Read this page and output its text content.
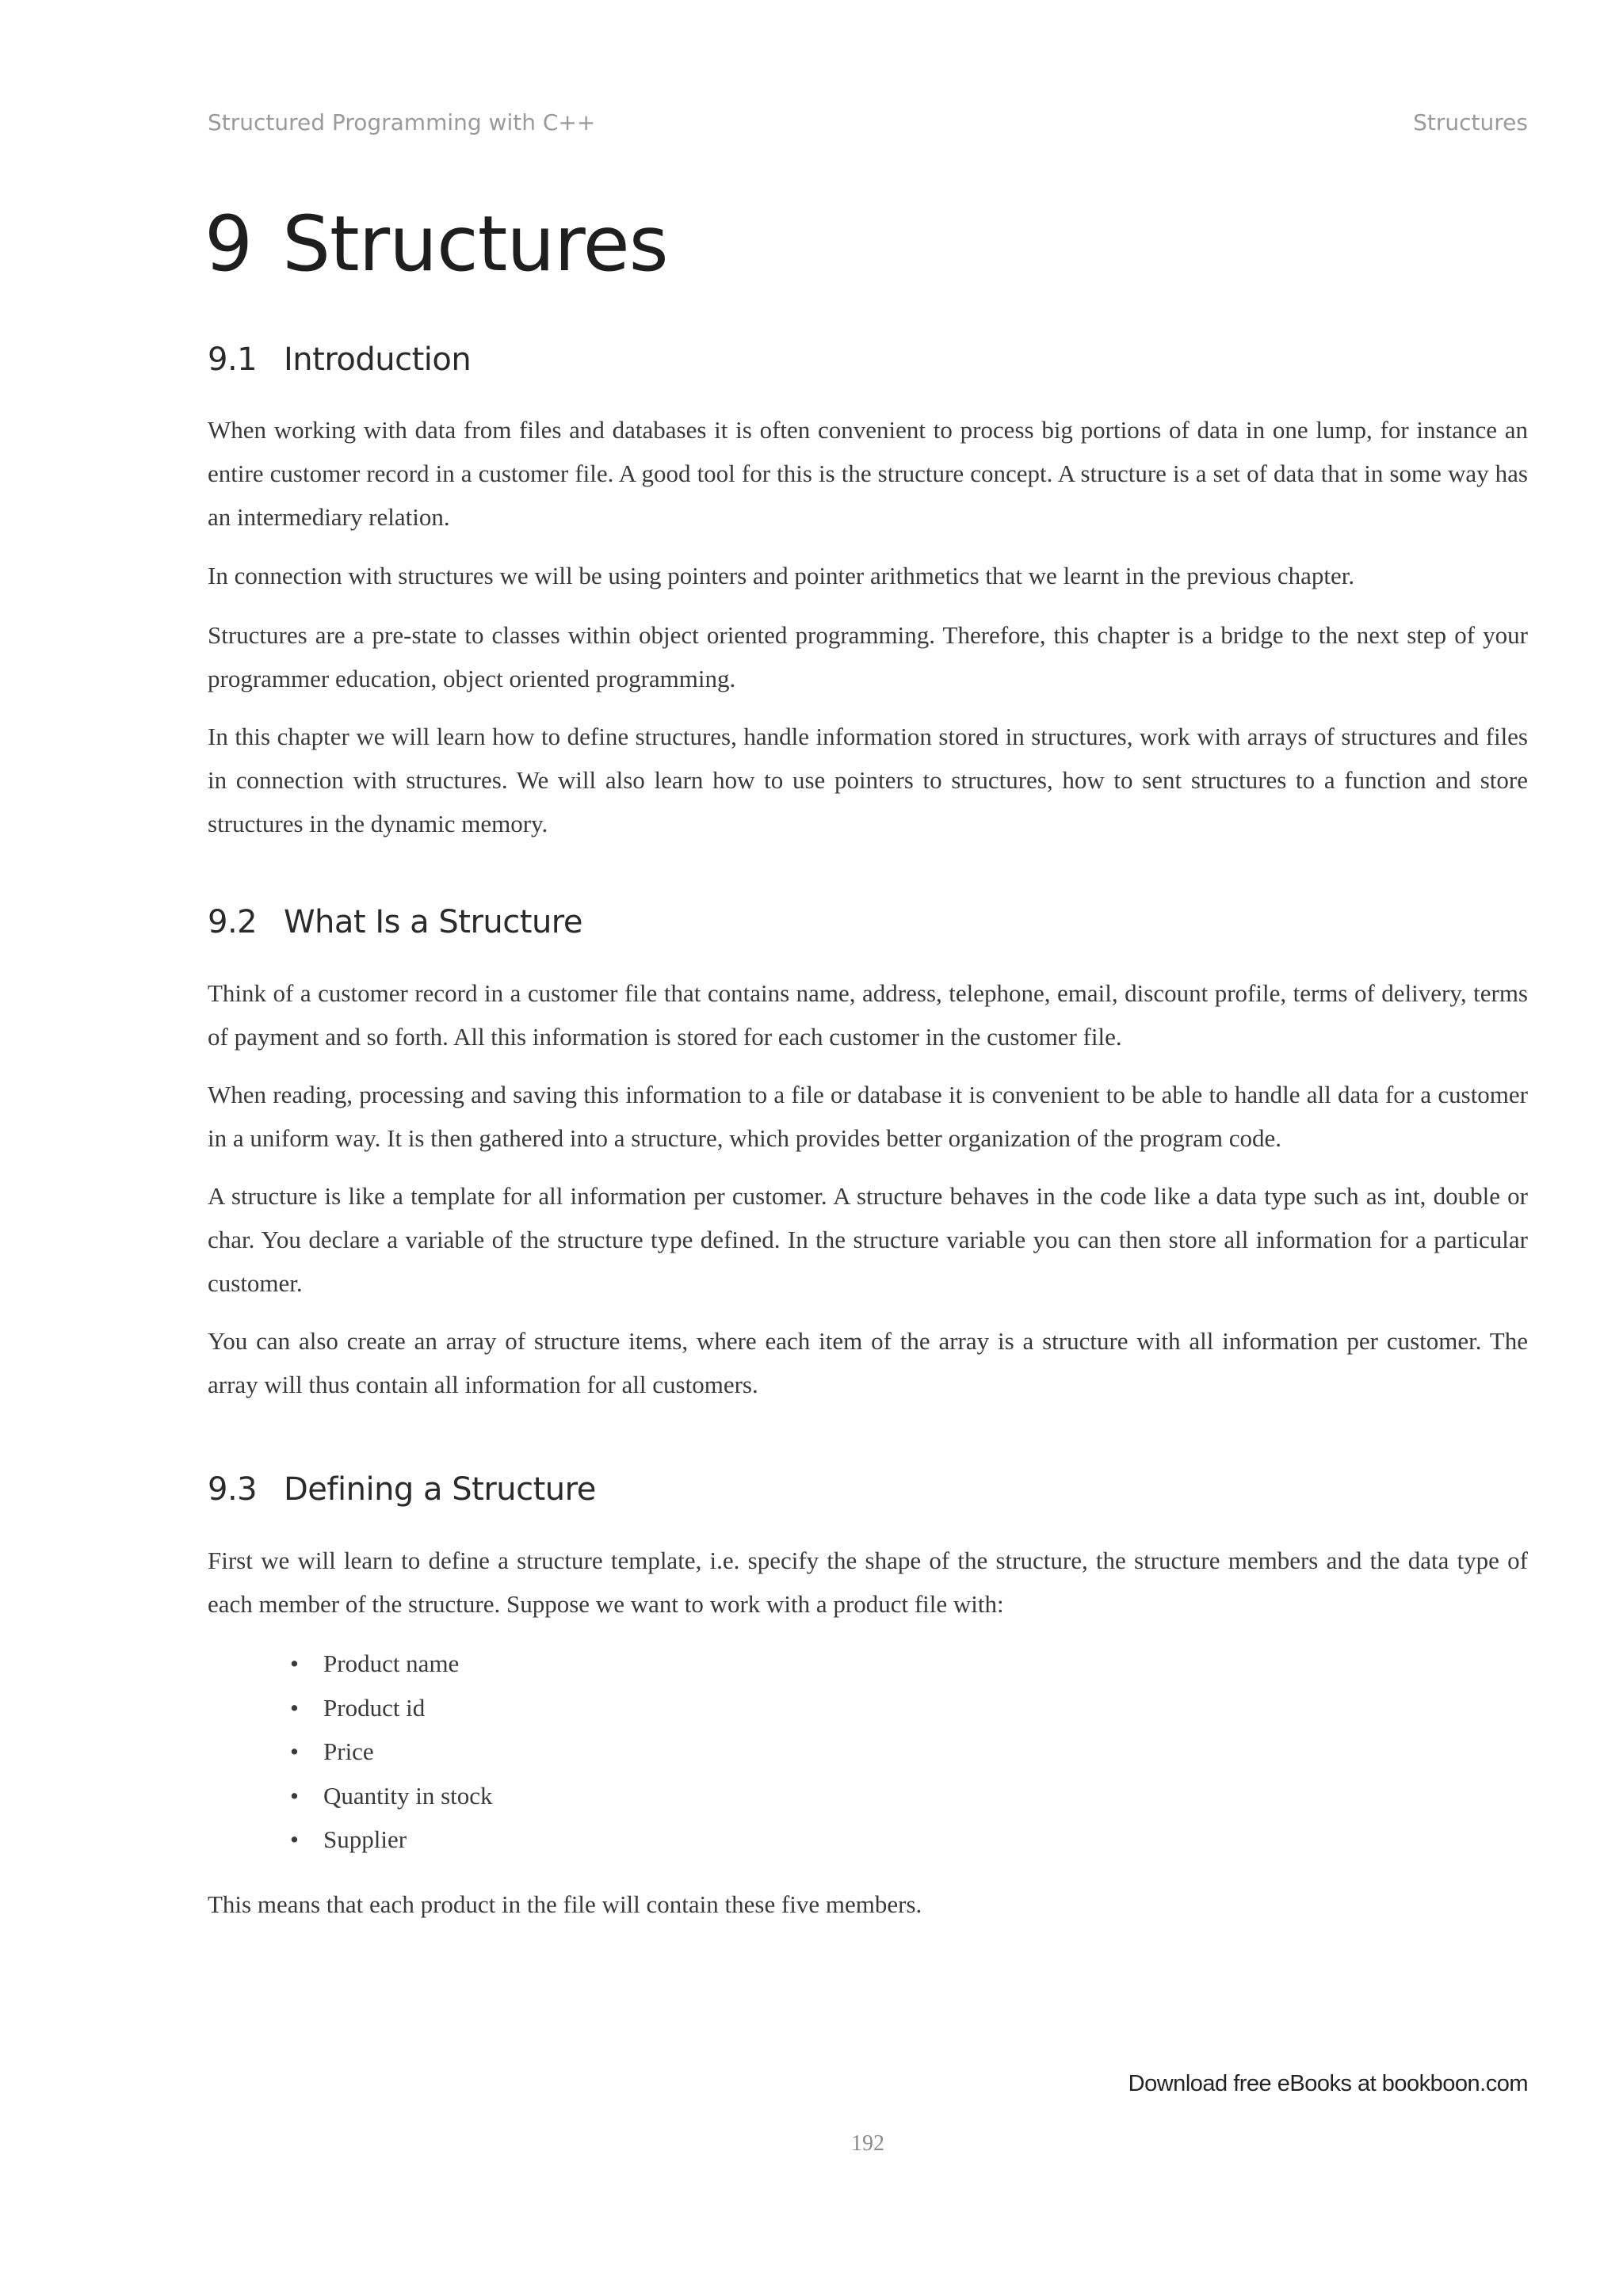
Structured Programming with C++	Structures
9 Structures
9.1 Introduction

When working with data from files and databases it is often convenient to process big portions of data in one lump, for instance an entire customer record in a customer file. A good tool for this is the structure concept. A structure is a set of data that in some way has an intermediary relation.

In connection with structures we will be using pointers and pointer arithmetics that we learnt in the previous chapter.

Structures are a pre-state to classes within object oriented programming. Therefore, this chapter is a bridge to the next step of your programmer education, object oriented programming.

In this chapter we will learn how to define structures, handle information stored in structures, work with arrays of structures and files in connection with structures. We will also learn how to use pointers to structures, how to sent structures to a function and store structures in the dynamic memory.

9.2 What Is a Structure

Think of a customer record in a customer file that contains name, address, telephone, email, discount profile, terms of delivery, terms of payment and so forth. All this information is stored for each customer in the customer file.

When reading, processing and saving this information to a file or database it is convenient to be able to handle all data for a customer in a uniform way. It is then gathered into a structure, which provides better organization of the program code.

A structure is like a template for all information per customer. A structure behaves in the code like a data type such as int, double or char. You declare a variable of the structure type defined. In the structure variable you can then store all information for a particular customer.

You can also create an array of structure items, where each item of the array is a structure with all information per customer. The array will thus contain all information for all customers.

9.3 Defining a Structure

First we will learn to define a structure template, i.e. specify the shape of the structure, the structure members and the data type of each member of the structure. Suppose we want to work with a product file with:

• Product name
• Product id
• Price
• Quantity in stock
• Supplier

This means that each product in the file will contain these five members.

Download free eBooks at bookboon.com
192
